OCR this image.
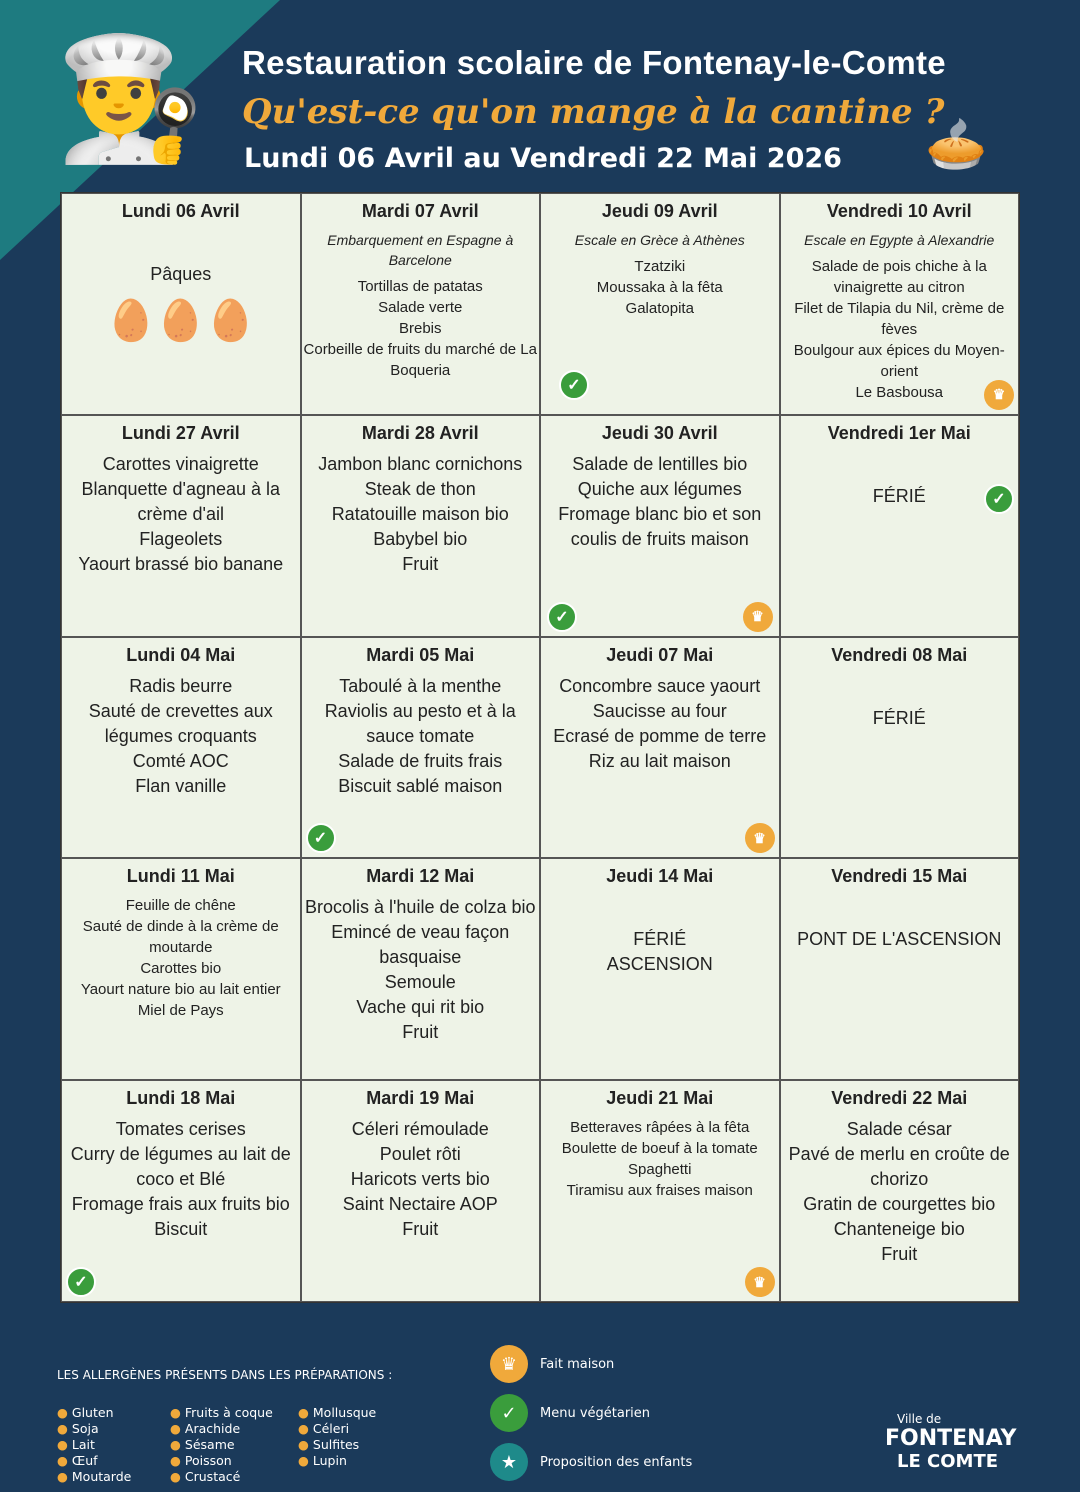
👨‍🍳	🥧
Restauration scolaire de Fontenay-le-Comte
Qu'est-ce qu'on mange à la cantine ?
Lundi 06 Avril au Vendredi 22 Mai 2026
Lundi 06 Avril
Pâques
🥚🥚🥚
Mardi 07 Avril
Embarquement en Espagne à Barcelone
Tortillas de patatas
Salade verte
Brebis
Corbeille de fruits du marché de La Boqueria
Jeudi 09 Avril
Escale en Grèce à Athènes
Tzatziki
Moussaka à la fêta
Galatopita
✓
Vendredi 10 Avril
Escale en Egypte à Alexandrie
Salade de pois chiche à la vinaigrette au citron
Filet de Tilapia du Nil, crème de fèves
Boulgour aux épices du Moyen-orient
Le Basbousa	♛
Lundi 27 Avril
Carottes vinaigrette
Blanquette d'agneau à la crème d'ail
Flageolets
Yaourt brassé bio banane
Mardi 28 Avril
Jambon blanc cornichons
Steak de thon
Ratatouille maison bio
Babybel bio
Fruit
Jeudi 30 Avril
Salade de lentilles bio
Quiche aux légumes
Fromage blanc bio et son coulis de fruits maison
✓	♛
Vendredi 1er Mai
FÉRIÉ	✓
Lundi 04 Mai
Radis beurre
Sauté de crevettes aux légumes croquants
Comté AOC
Flan vanille
Mardi 05 Mai
Taboulé à la menthe
Raviolis au pesto et à la sauce tomate
Salade de fruits frais
Biscuit sablé maison
✓
Jeudi 07 Mai
Concombre sauce yaourt
Saucisse au four
Ecrasé de pomme de terre
Riz au lait maison
♛
Vendredi 08 Mai
FÉRIÉ
Lundi 11 Mai
Feuille de chêne
Sauté de dinde à la crème de moutarde
Carottes bio
Yaourt nature bio au lait entier
Miel de Pays
Mardi 12 Mai
Brocolis à l'huile de colza bio
Emincé de veau façon basquaise
Semoule
Vache qui rit bio
Fruit
Jeudi 14 Mai
FÉRIÉ
ASCENSION
Vendredi 15 Mai
PONT DE L'ASCENSION
Lundi 18 Mai
Tomates cerises
Curry de légumes au lait de coco et Blé
Fromage frais aux fruits bio
Biscuit
✓
Mardi 19 Mai
Céleri rémoulade
Poulet rôti
Haricots verts bio
Saint Nectaire AOP
Fruit
Jeudi 21 Mai
Betteraves râpées à la fêta
Boulette de boeuf à la tomate
Spaghetti
Tiramisu aux fraises maison
♛
Vendredi 22 Mai
Salade césar
Pavé de merlu en croûte de chorizo
Gratin de courgettes bio
Chanteneige bio
Fruit
LES ALLERGÈNES PRÉSENTS DANS LES PRÉPARATIONS :
● Gluten	● Fruits à coque	● Mollusque
● Soja	● Arachide	● Céleri
● Lait	● Sésame	● Sulfites
● Œuf	● Poisson	● Lupin
● Moutarde	● Crustacé
♛	Fait maison
✓	Menu végétarien
★	Proposition des enfants
Ville de
FONTENAY
LE COMTE
